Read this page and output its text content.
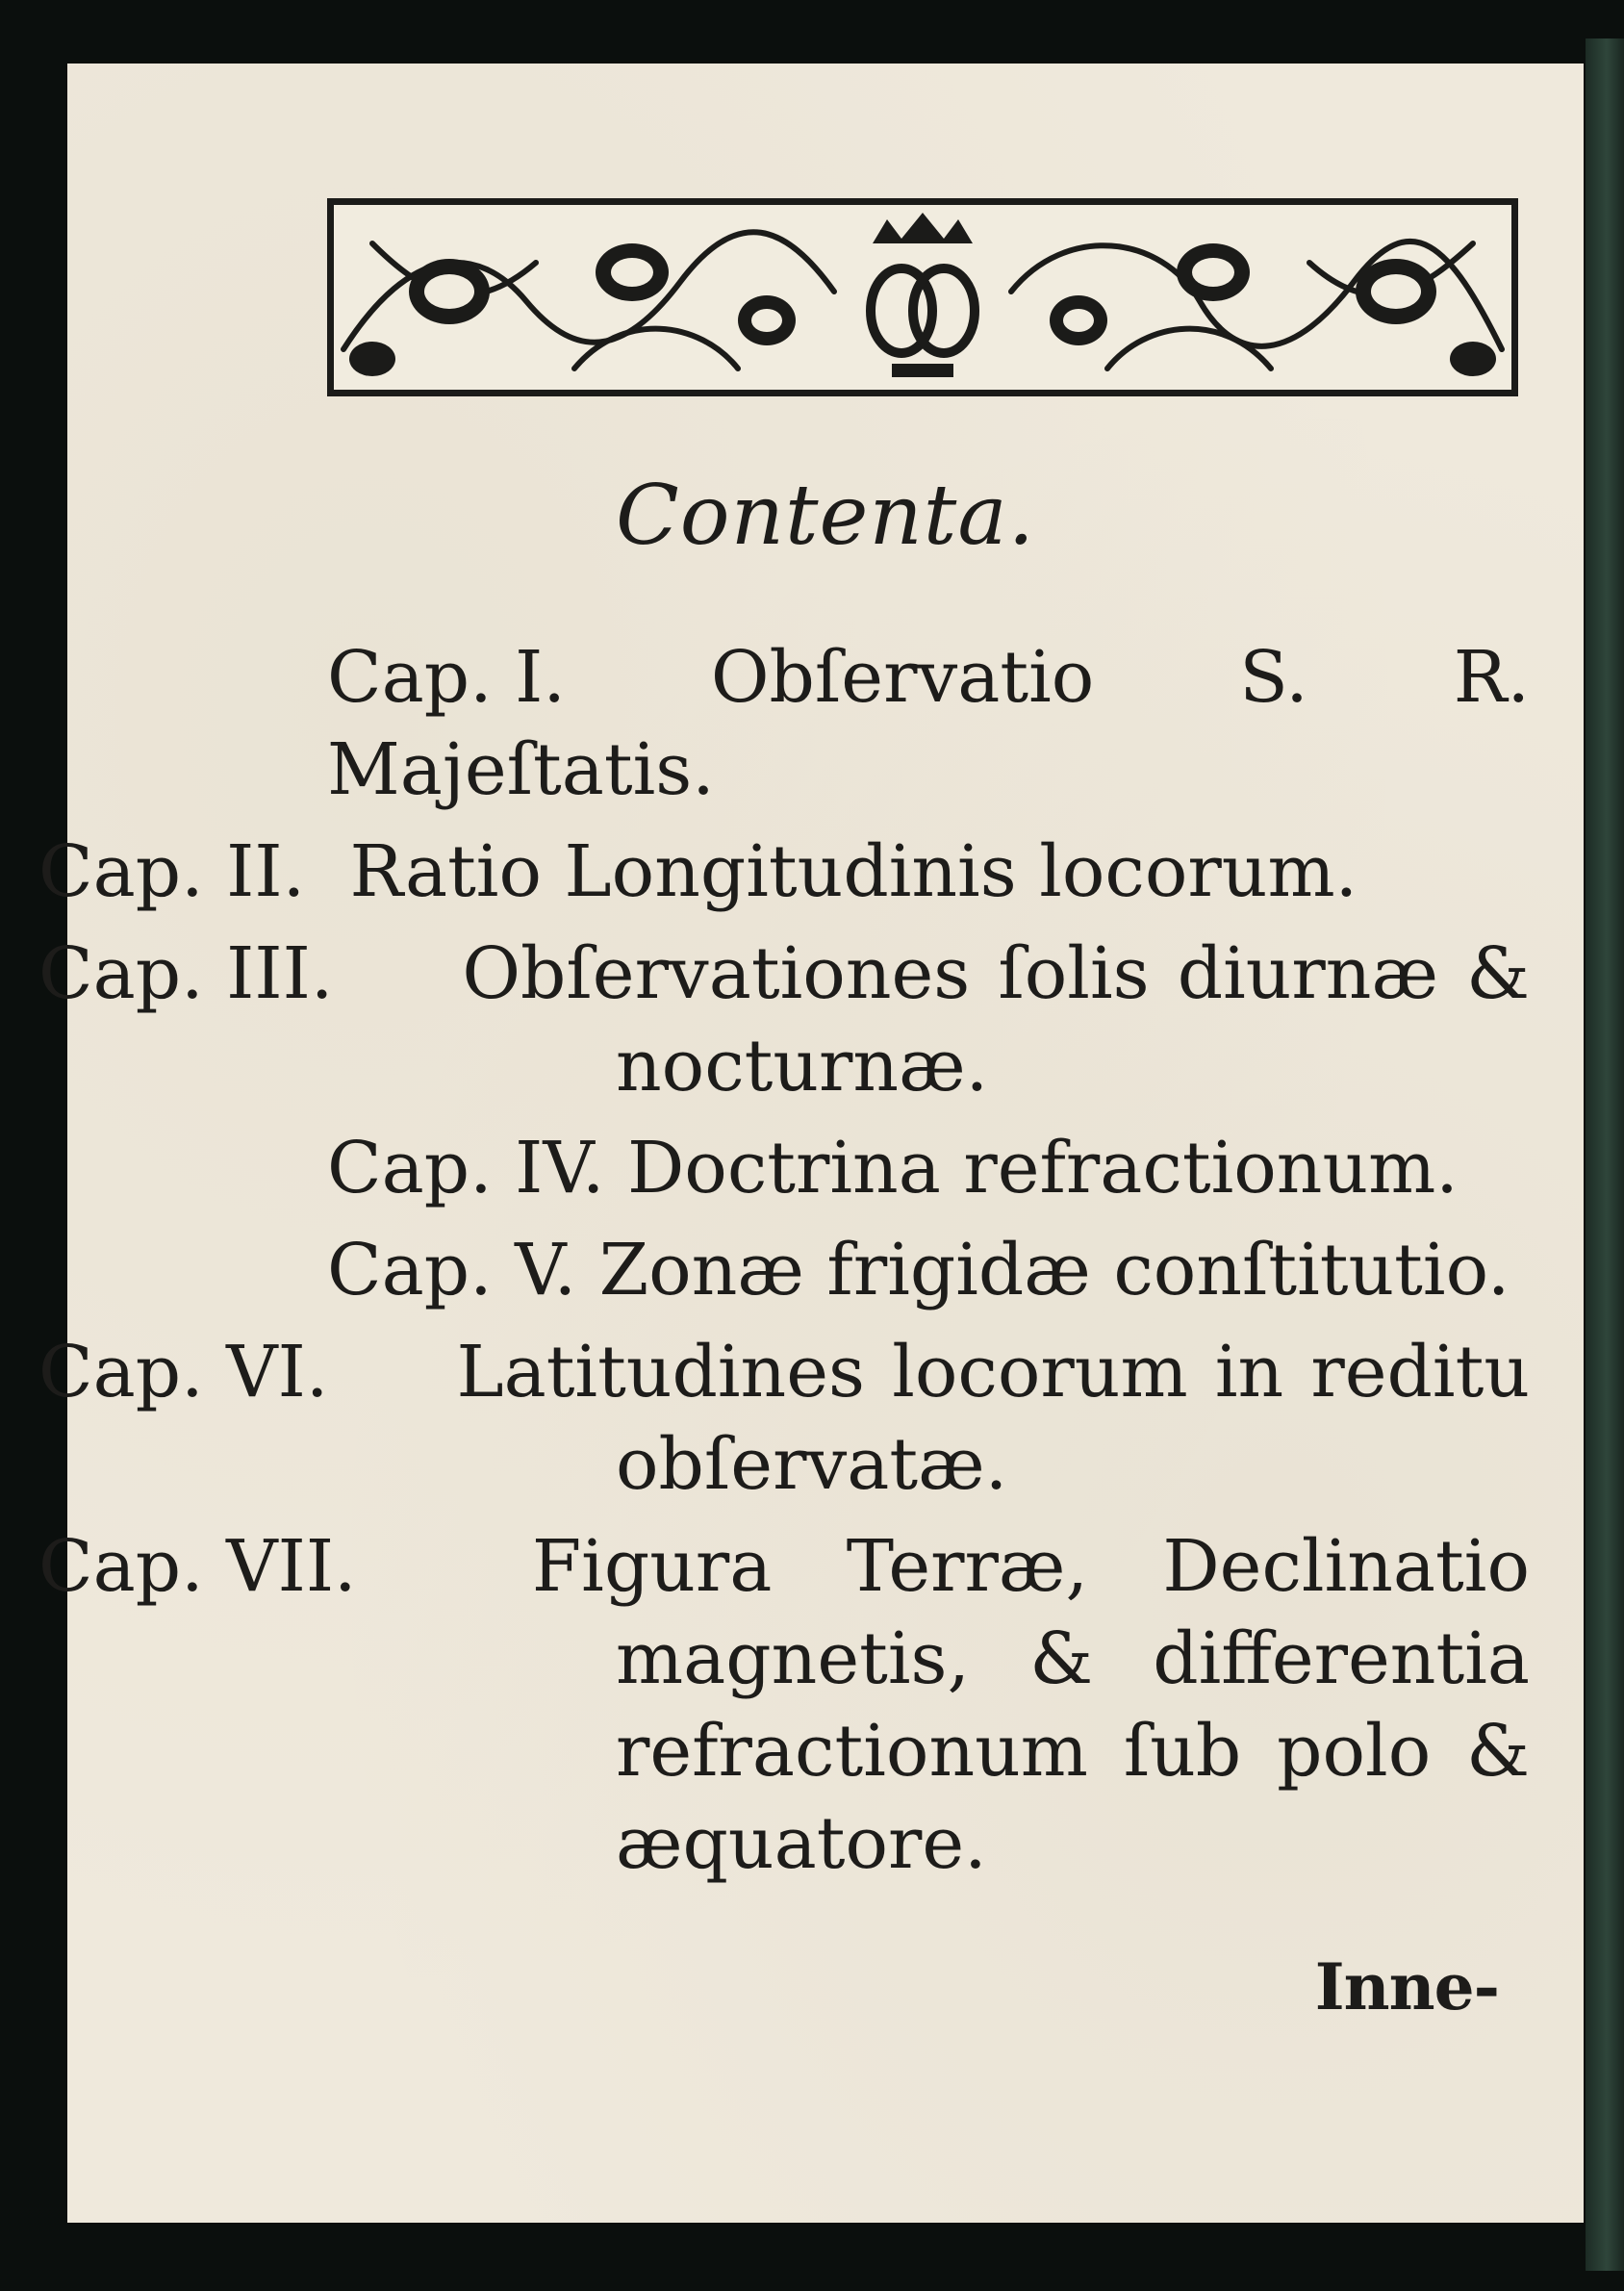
Contenta.
Cap. I. Obſervatio S. R. Majeſtatis.
Cap. II. Ratio Longitudinis locorum.
Cap. III. Obſervationes ſolis diurnæ & nocturnæ.
Cap. IV. Doctrina refractionum.
Cap. V. Zonæ frigidæ conſtitutio.
Cap. VI. Latitudines locorum in reditu obſervatæ.
Cap. VII. Figura Terræ, Declinatio magnetis, & differentia refractionum ſub polo & æquatore.
Inne-
